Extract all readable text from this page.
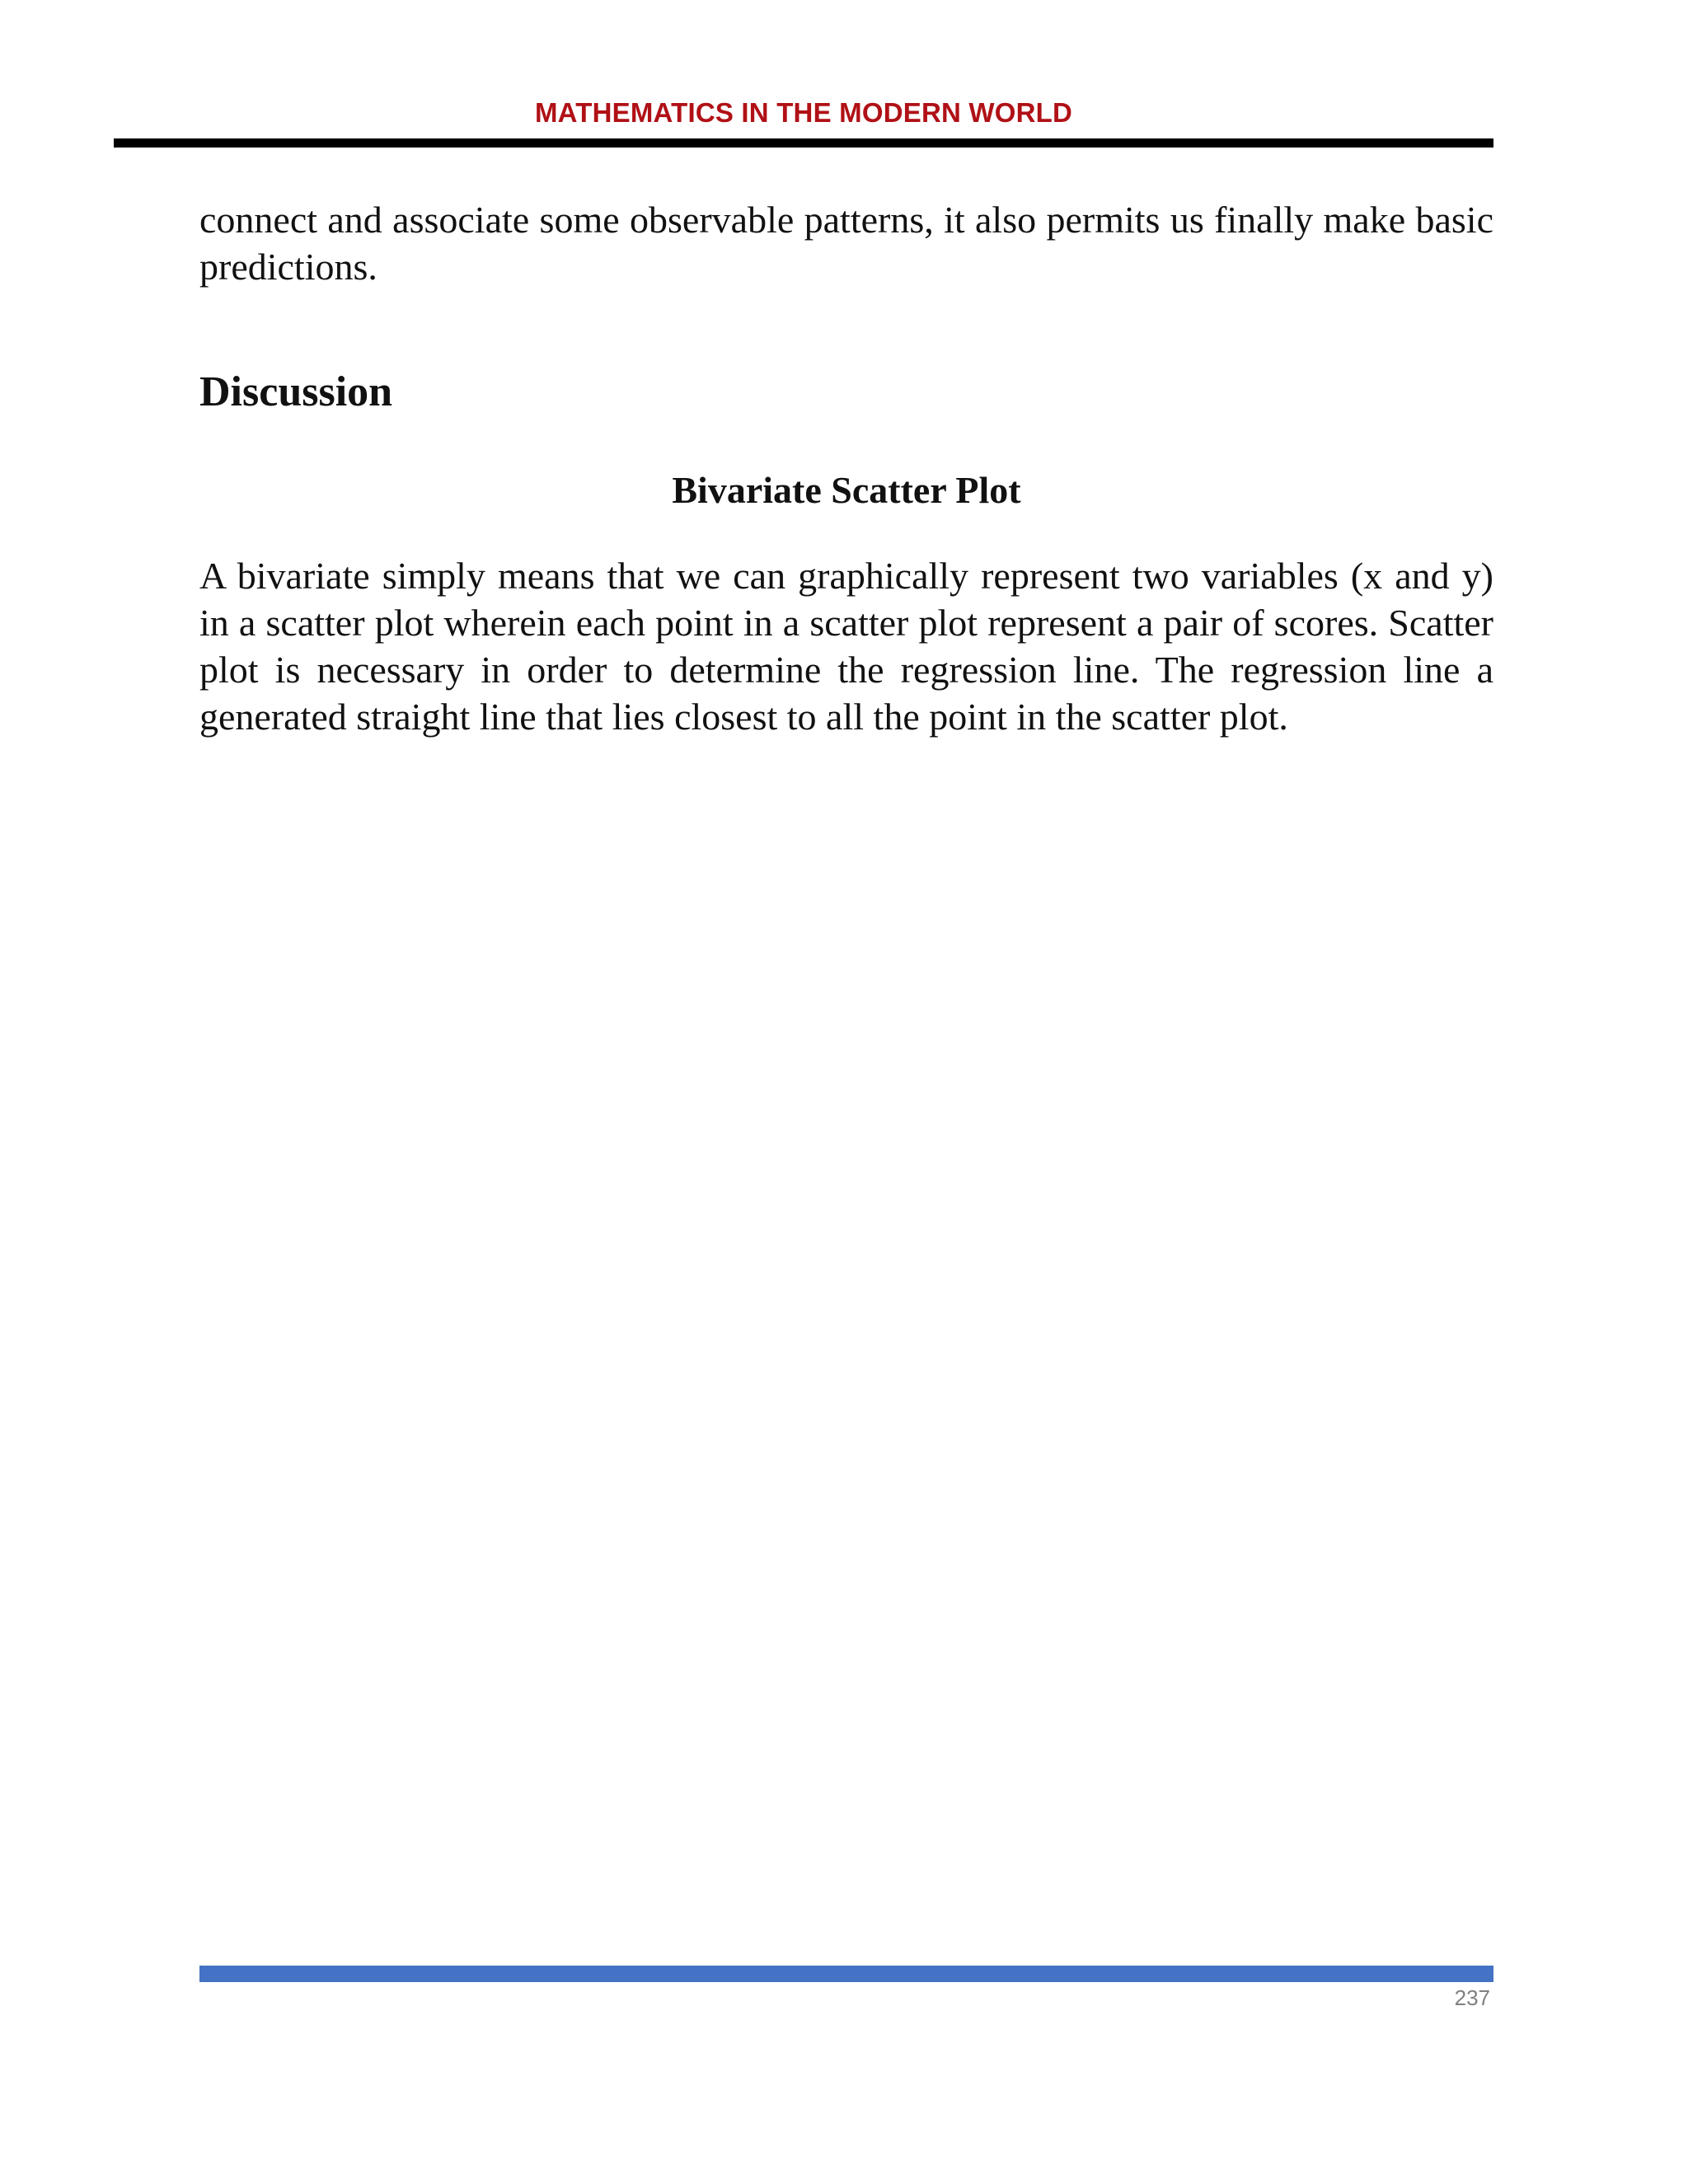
MATHEMATICS IN THE MODERN WORLD

connect and associate some observable patterns, it also permits us finally make basic predictions.

Discussion
Bivariate Scatter Plot

A bivariate simply means that we can graphically represent two variables (x and y) in a scatter plot wherein each point in a scatter plot represent a pair of scores. Scatter plot is necessary in order to determine the regression line. The regression line a generated straight line that lies closest to all the point in the scatter plot.

237
